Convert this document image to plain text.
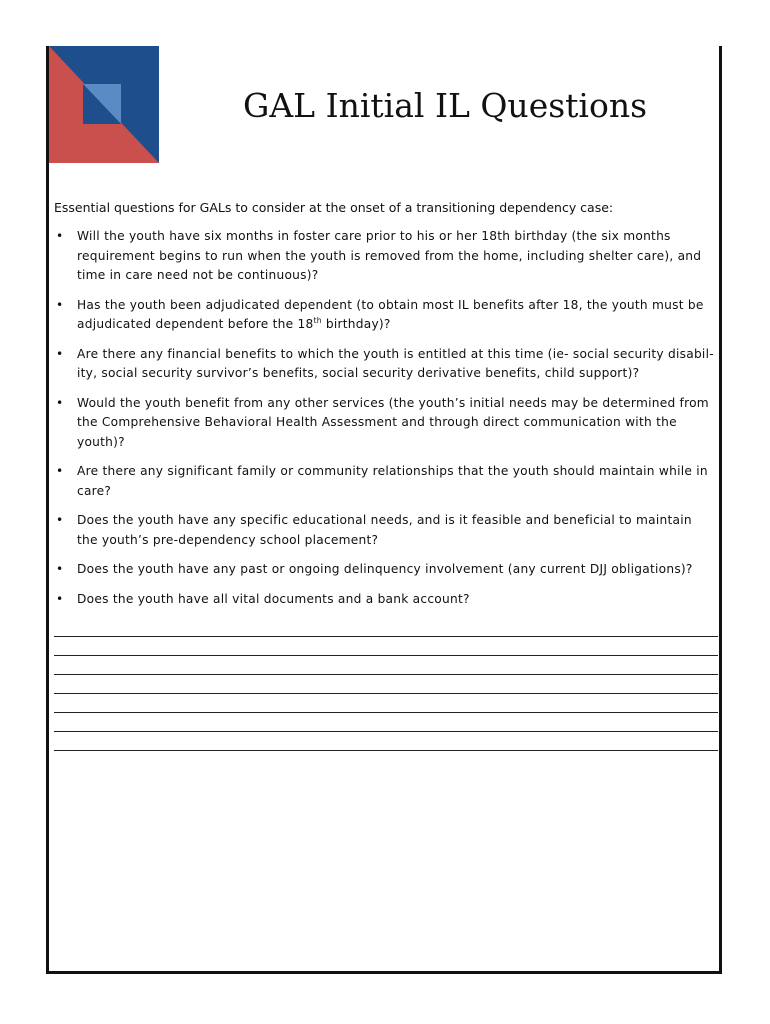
GAL Initial IL Questions
Essential questions for GALs to consider at the onset of a transitioning dependency case:
• Will the youth have six months in foster care prior to his or her 18th birthday (the six months requirement begins to run when the youth is removed from the home, including shelter care), and time in care need not be continuous)?
• Has the youth been adjudicated dependent (to obtain most IL benefits after 18, the youth must be adjudicated dependent before the 18th birthday)?
• Are there any financial benefits to which the youth is entitled at this time (ie- social security disabil-ity, social security survivor’s benefits, social security derivative benefits, child support)?
• Would the youth benefit from any other services (the youth’s initial needs may be determined from the Comprehensive Behavioral Health Assessment and through direct communication with the youth)?
• Are there any significant family or community relationships that the youth should maintain while in care?
• Does the youth have any specific educational needs, and is it feasible and beneficial to maintain the youth’s pre-dependency school placement?
• Does the youth have any past or ongoing delinquency involvement (any current DJJ obligations)?
• Does the youth have all vital documents and a bank account?
